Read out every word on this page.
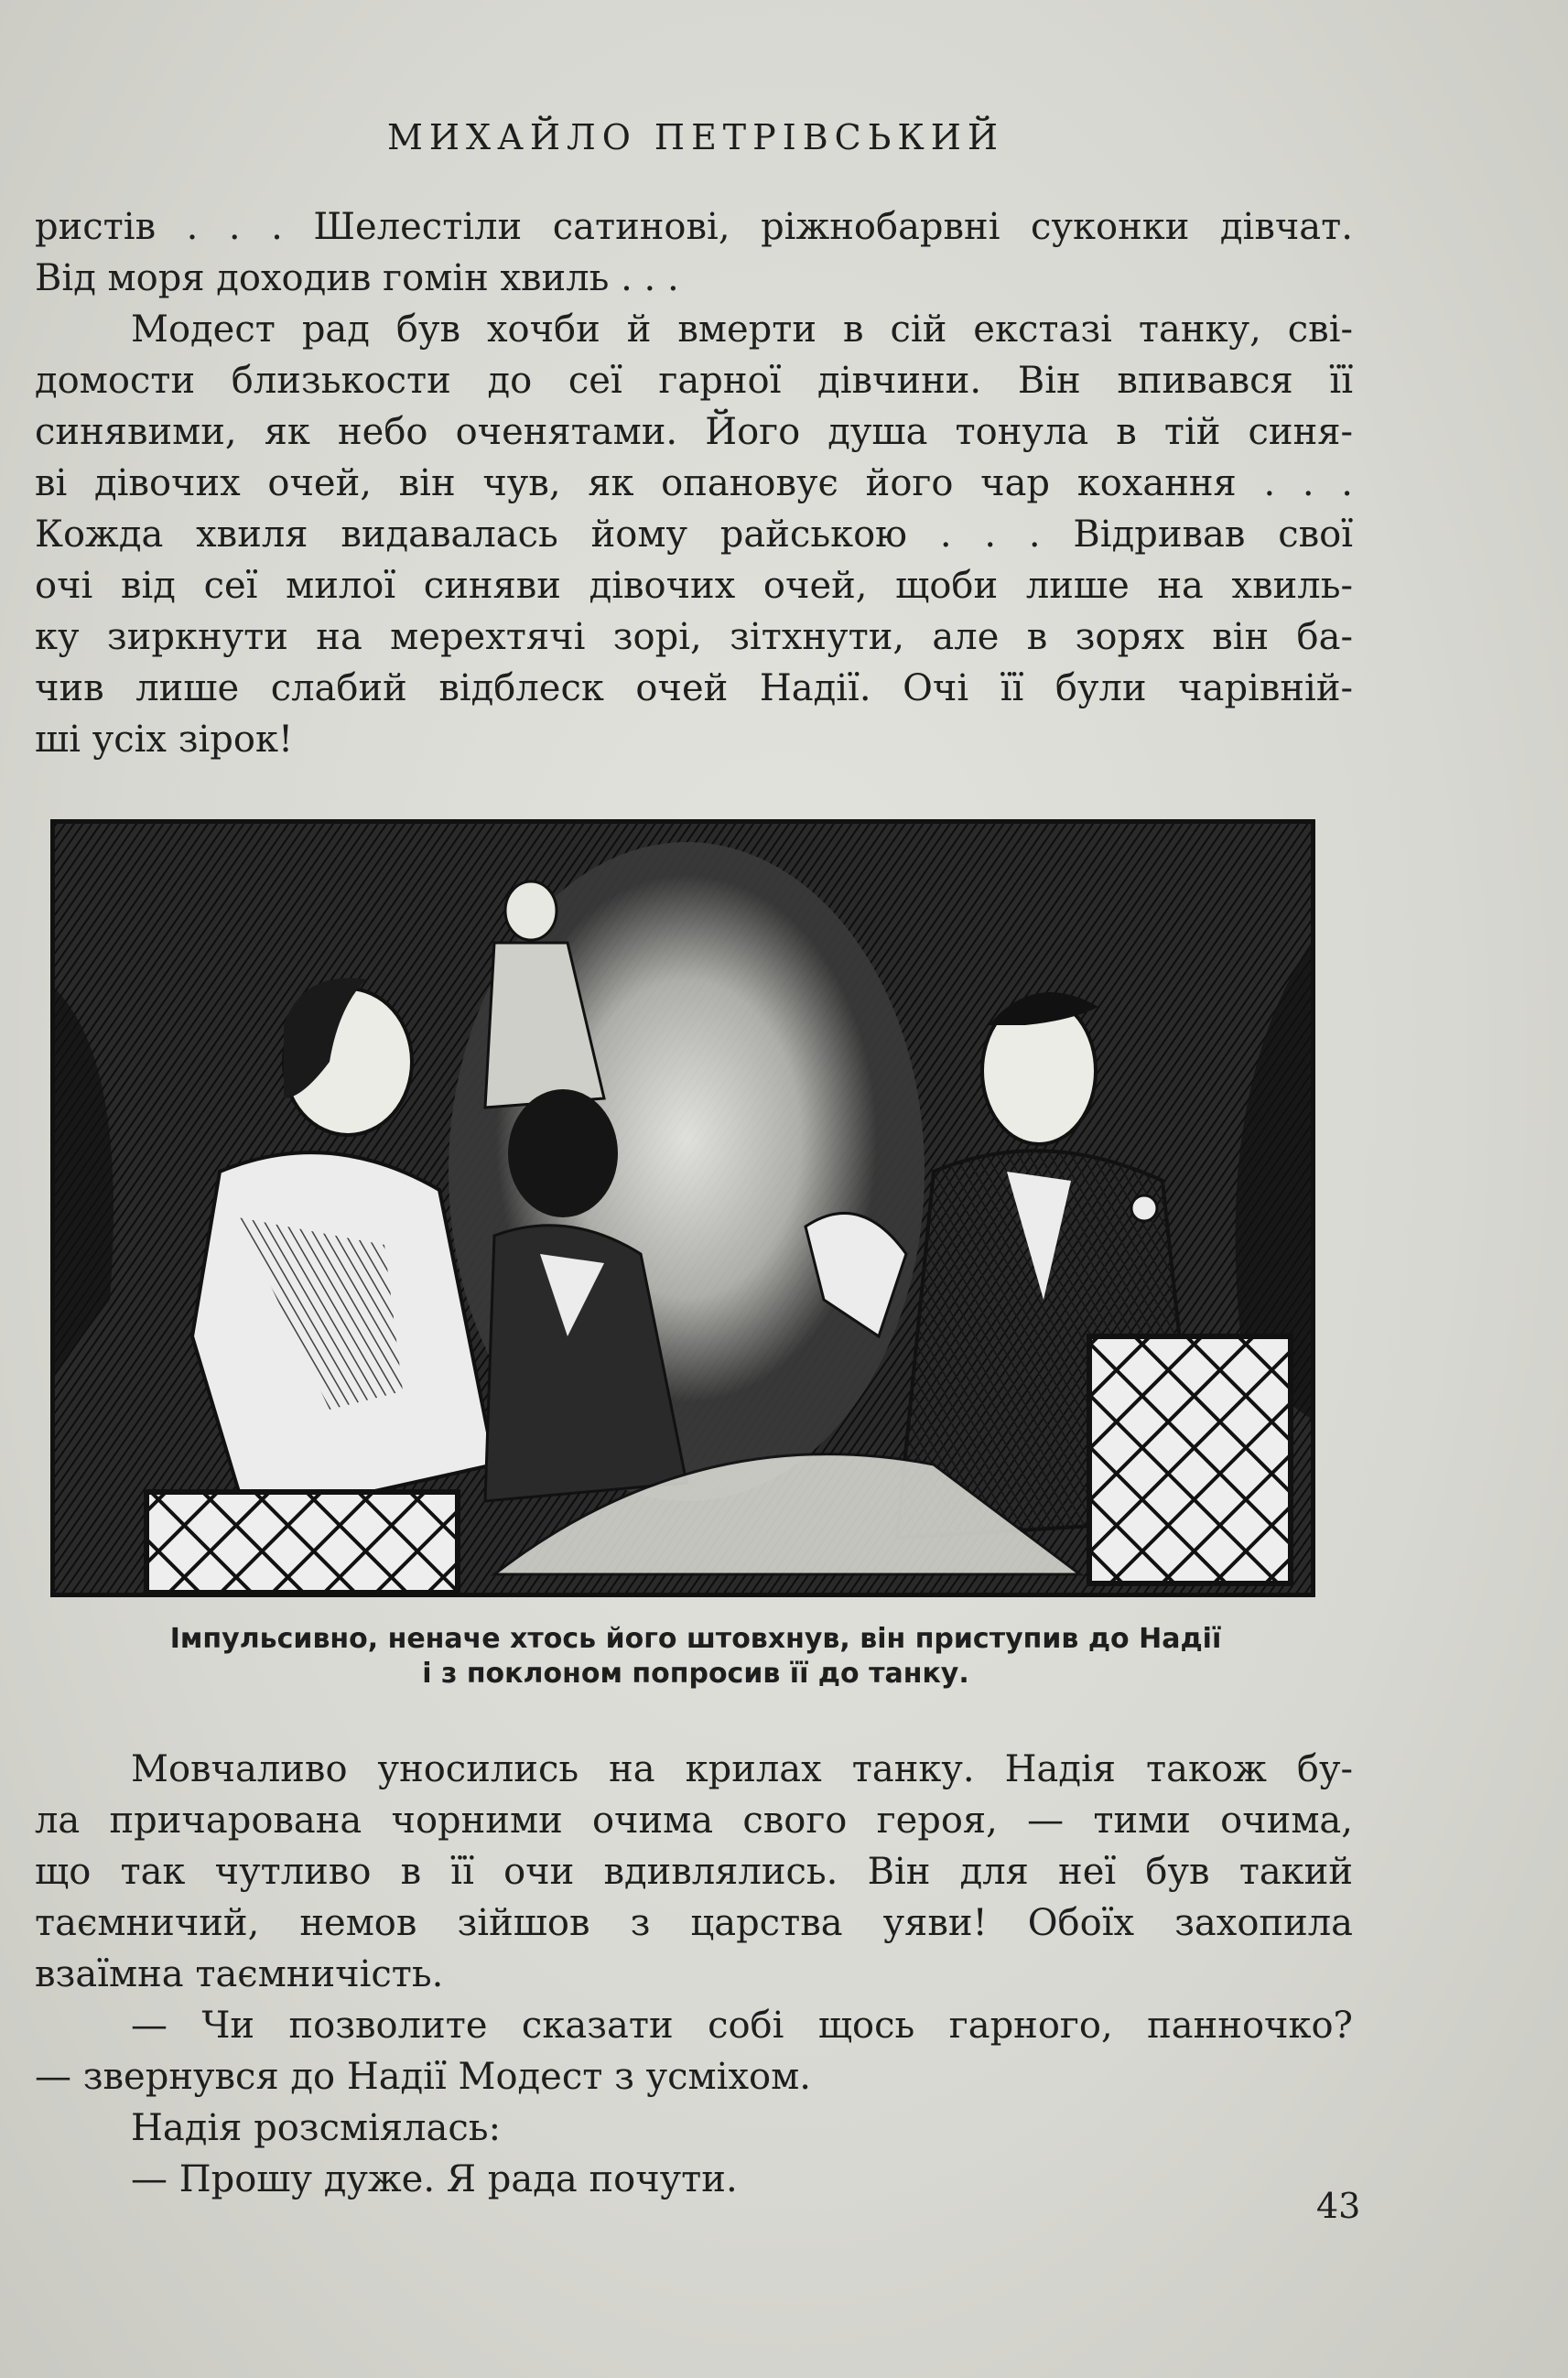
МИХАЙЛО ПЕТРІВСЬКИЙ
ристів . . . Шелестіли сатинові, ріжнобарвні суконки дівчат.
Від моря доходив гомін хвиль . . .
Модест рад був хочби й вмерти в сій екстазі танку, сві-
домости близькости до сеї гарної дівчини. Він впивався її
синявими, як небо оченятами. Його душа тонула в тій синя-
ві дівочих очей, він чув, як опановує його чар кохання . . .
Кожда хвиля видавалась йому райською . . . Відривав свої
очі від сеї милої синяви дівочих очей, щоби лише на хвиль-
ку зиркнути на мерехтячі зорі, зітхнути, але в зорях він ба-
чив лише слабий відблеск очей Надії. Очі її були чарівній-
ші усіх зірок!
Імпульсивно, неначе хтось його штовхнув, він приступив до Надії
і з поклоном попросив її до танку.
Мовчаливо уносились на крилах танку. Надія також бу-
ла причарована чорними очима свого героя, — тими очима,
що так чутливо в її очи вдивлялись. Він для неї був такий
таємничий, немов зійшов з царства уяви! Обоїх захопила
взаїмна таємничість.
— Чи позволите сказати собі щось гарного, панночко?
— звернувся до Надії Модест з усміхом.
Надія розсміялась:
— Прошу дуже. Я рада почути.
43
